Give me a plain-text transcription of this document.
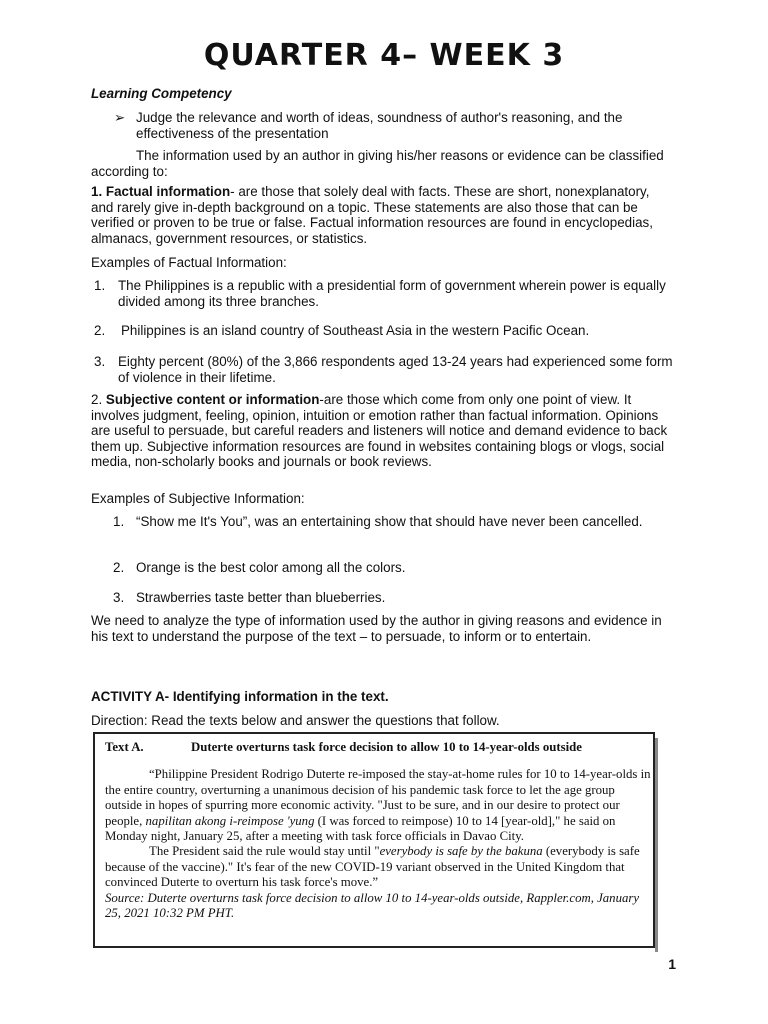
QUARTER 4– WEEK 3
Learning Competency
➢ Judge the relevance and worth of ideas, soundness of author's reasoning, and the effectiveness of the presentation
The information used by an author in giving his/her reasons or evidence can be classified according to:
1. Factual information- are those that solely deal with facts. These are short, nonexplanatory, and rarely give in-depth background on a topic. These statements are also those that can be verified or proven to be true or false. Factual information resources are found in encyclopedias, almanacs, government resources, or statistics.
Examples of Factual Information:
1. The Philippines is a republic with a presidential form of government wherein power is equally divided among its three branches.
2. Philippines is an island country of Southeast Asia in the western Pacific Ocean.
3. Eighty percent (80%) of the 3,866 respondents aged 13-24 years had experienced some form of violence in their lifetime.
2. Subjective content or information-are those which come from only one point of view. It involves judgment, feeling, opinion, intuition or emotion rather than factual information. Opinions are useful to persuade, but careful readers and listeners will notice and demand evidence to back them up. Subjective information resources are found in websites containing blogs or vlogs, social media, non-scholarly books and journals or book reviews.
Examples of Subjective Information:
1. “Show me It's You”, was an entertaining show that should have never been cancelled.
2. Orange is the best color among all the colors.
3. Strawberries taste better than blueberries.
We need to analyze the type of information used by the author in giving reasons and evidence in his text to understand the purpose of the text – to persuade, to inform or to entertain.
ACTIVITY A- Identifying information in the text.
Direction: Read the texts below and answer the questions that follow.
Text A.	Duterte overturns task force decision to allow 10 to 14-year-olds outside
“Philippine President Rodrigo Duterte re-imposed the stay-at-home rules for 10 to 14-year-olds in the entire country, overturning a unanimous decision of his pandemic task force to let the age group outside in hopes of spurring more economic activity. "Just to be sure, and in our desire to protect our people, napilitan akong i-reimpose 'yung (I was forced to reimpose) 10 to 14 [year-old]," he said on Monday night, January 25, after a meeting with task force officials in Davao City.
The President said the rule would stay until "everybody is safe by the bakuna (everybody is safe because of the vaccine)." It's fear of the new COVID-19 variant observed in the United Kingdom that convinced Duterte to overturn his task force's move.”
Source: Duterte overturns task force decision to allow 10 to 14-year-olds outside, Rappler.com, January 25, 2021 10:32 PM PHT.
1
